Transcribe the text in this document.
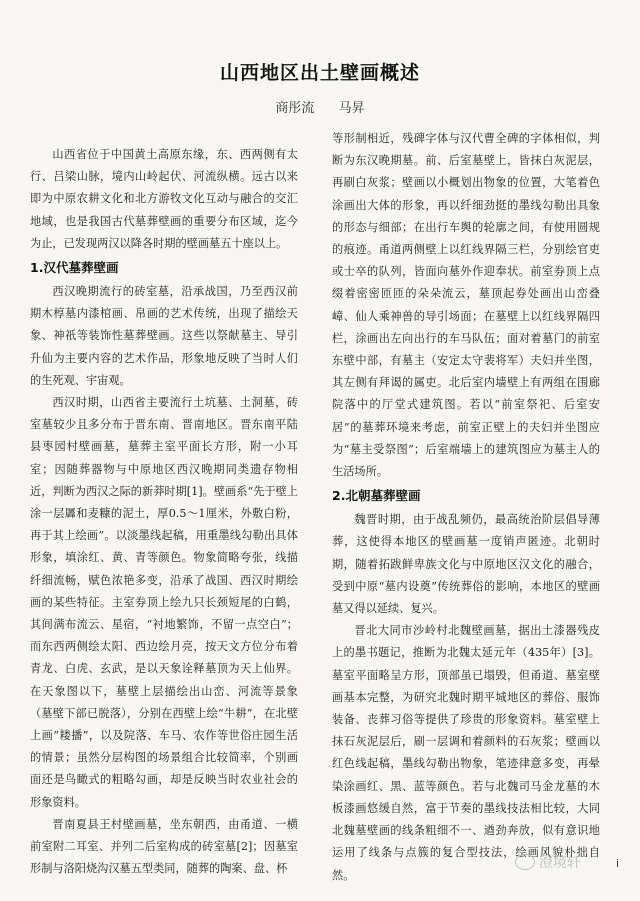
山西地区出土壁画概述
商彤流 马昇

山西省位于中国黄土高原东缘，东、西两侧有太行、吕梁山脉，境内山岭起伏、河流纵横。远古以来即为中原农耕文化和北方游牧文化互动与融合的交汇地域，也是我国古代墓葬壁画的重要分布区域，迄今为止，已发现两汉以降各时期的壁画墓五十座以上。

1.汉代墓葬壁画

西汉晚期流行的砖室墓，沿承战国，乃至西汉前期木椁墓内漆棺画、帛画的艺术传统，出现了描绘天象、神祇等装饰性墓葬壁画。这些以祭献墓主、导引升仙为主要内容的艺术作品，形象地反映了当时人们的生死观、宇宙观。

西汉时期，山西省主要流行土坑墓、土洞墓，砖室墓较少且多分布于晋东南、晋南地区。晋东南平陆县枣园村壁画墓，墓葬主室平面长方形，附一小耳室；因随葬器物与中原地区西汉晚期同类遗存物相近，判断为西汉之际的新莽时期[1]。壁画系“先于壁上涂一层羼和麦糠的泥土，厚0.5～1厘米，外敷白粉，再于其上绘画”。以淡墨线起稿，用重墨线勾勒出具体形象，填涂红、黄、青等颜色。物象简略夸张，线描纤细流畅，赋色浓艳多变，沿承了战国、西汉时期绘画的某些特征。主室券顶上绘九只长颈短尾的白鹤，其间满布流云、星宿，“衬地繁饰，不留一点空白”；而东西两侧绘太阳、西边绘月亮，按天文方位分布着青龙、白虎、玄武，是以天象诠释墓顶为天上仙界。在天象图以下，墓壁上层描绘出山峦、河流等景象（墓壁下部已脱落），分别在西壁上绘“牛耕”，在北壁上画“耧播”，以及院落、车马、农作等世俗庄园生活的情景；虽然分层构图的场景组合比较简率，个别画面还是鸟瞰式的粗略勾画，却是反映当时农业社会的形象资料。

晋南夏县王村壁画墓，坐东朝西，由甬道、一横前室附二耳室、并列二后室构成的砖室墓[2]；因墓室形制与洛阳烧沟汉墓五型类同，随葬的陶案、盘、杯

等形制相近，残碑字体与汉代曹全碑的字体相似，判断为东汉晚期墓。前、后室墓壁上，皆抹白灰泥层，再刷白灰浆；壁画以小概划出物象的位置，大笔着色涂画出大体的形象，再以纤细劲挺的墨线勾勒出具象的形态与细部；在出行车舆的轮廓之间，有使用圆规的痕迹。甬道两侧壁上以红线界隔三栏，分别绘官吏或士卒的队列，皆面向墓外作迎奉状。前室券顶上点缀着密密匝匝的朵朵流云，墓顶起券处画出山峦叠嶂、仙人乘神兽的导引场面；在墓壁上以红线界隔四栏，涂画出左向出行的车马队伍；面对着墓门的前室东壁中部，有墓主（安定太守裴将军）夫妇并坐图，其左侧有拜谒的属吏。北后室内墙壁上有两组在围廊院落中的厅堂式建筑图。若以“前室祭祀、后室安居”的墓葬环境来考虑，前室正壁上的夫妇并坐图应为“墓主受祭图”；后室端墙上的建筑图应为墓主人的生活场所。

2.北朝墓葬壁画

魏晋时期，由于战乱频仍，最高统治阶层倡导薄葬，这使得本地区的壁画墓一度销声匿迹。北朝时期，随着拓跋鲜卑族文化与中原地区汉文化的融合，受到中原“墓内设奠”传统葬俗的影响，本地区的壁画墓又得以延续、复兴。

晋北大同市沙岭村北魏壁画墓，据出土漆器残皮上的墨书题记，推断为北魏太延元年（435年）[3]。墓室平面略呈方形，顶部虽已塌毁，但甬道、墓室壁画基本完整，为研究北魏时期平城地区的葬俗、服饰装备、丧葬习俗等提供了珍贵的形象资料。墓室壁上抹石灰泥层后，刷一层调和着颜料的石灰浆；壁画以红色线起稿，墨线勾勒出物象，笔迹律意多变，再晕染涂画红、黑、蓝等颜色。若与北魏司马金龙墓的木板漆画悠缓自然，富于节奏的墨线技法相比较，大同北魏墓壁画的线条粗细不一、遒劲奔放，似有意识地运用了线条与点簇的复合型技法，绘画风貌朴拙自然。

澄境轩	i
